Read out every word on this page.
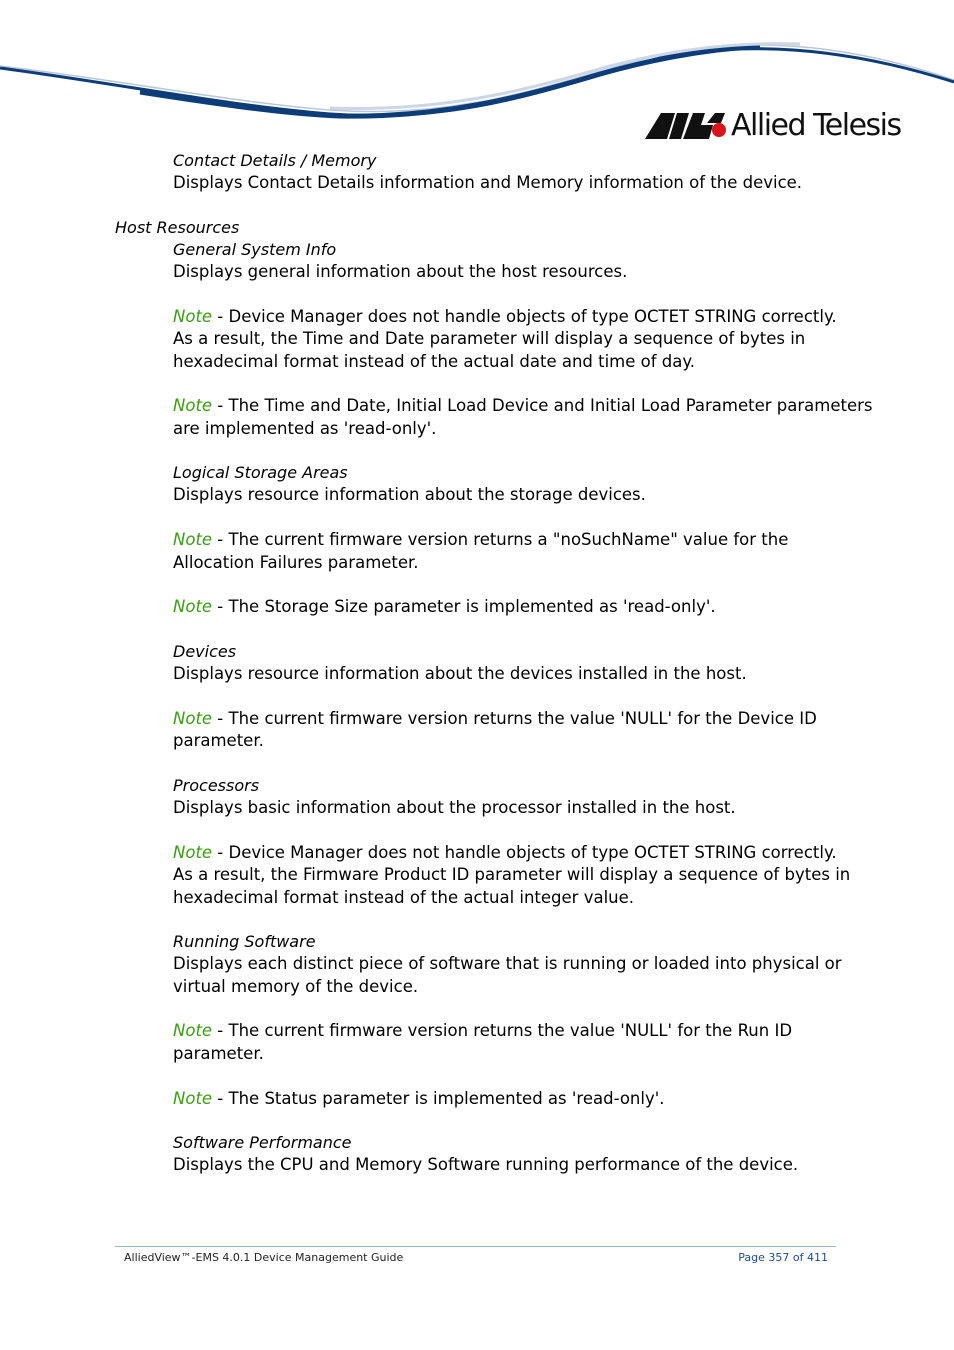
Allied Telesis
Contact Details / Memory
Displays Contact Details information and Memory information of the device.
Host Resources
General System Info
Displays general information about the host resources.
Note - Device Manager does not handle objects of type OCTET STRING correctly.
As a result, the Time and Date parameter will display a sequence of bytes in
hexadecimal format instead of the actual date and time of day.
Note - The Time and Date, Initial Load Device and Initial Load Parameter parameters
are implemented as 'read-only'.
Logical Storage Areas
Displays resource information about the storage devices.
Note - The current firmware version returns a "noSuchName" value for the
Allocation Failures parameter.
Note - The Storage Size parameter is implemented as 'read-only'.
Devices
Displays resource information about the devices installed in the host.
Note - The current firmware version returns the value 'NULL' for the Device ID
parameter.
Processors
Displays basic information about the processor installed in the host.
Note - Device Manager does not handle objects of type OCTET STRING correctly.
As a result, the Firmware Product ID parameter will display a sequence of bytes in
hexadecimal format instead of the actual integer value.
Running Software
Displays each distinct piece of software that is running or loaded into physical or
virtual memory of the device.
Note - The current firmware version returns the value 'NULL' for the Run ID
parameter.
Note - The Status parameter is implemented as 'read-only'.
Software Performance
Displays the CPU and Memory Software running performance of the device.
AlliedView™-EMS 4.0.1 Device Management Guide	Page 357 of 411
